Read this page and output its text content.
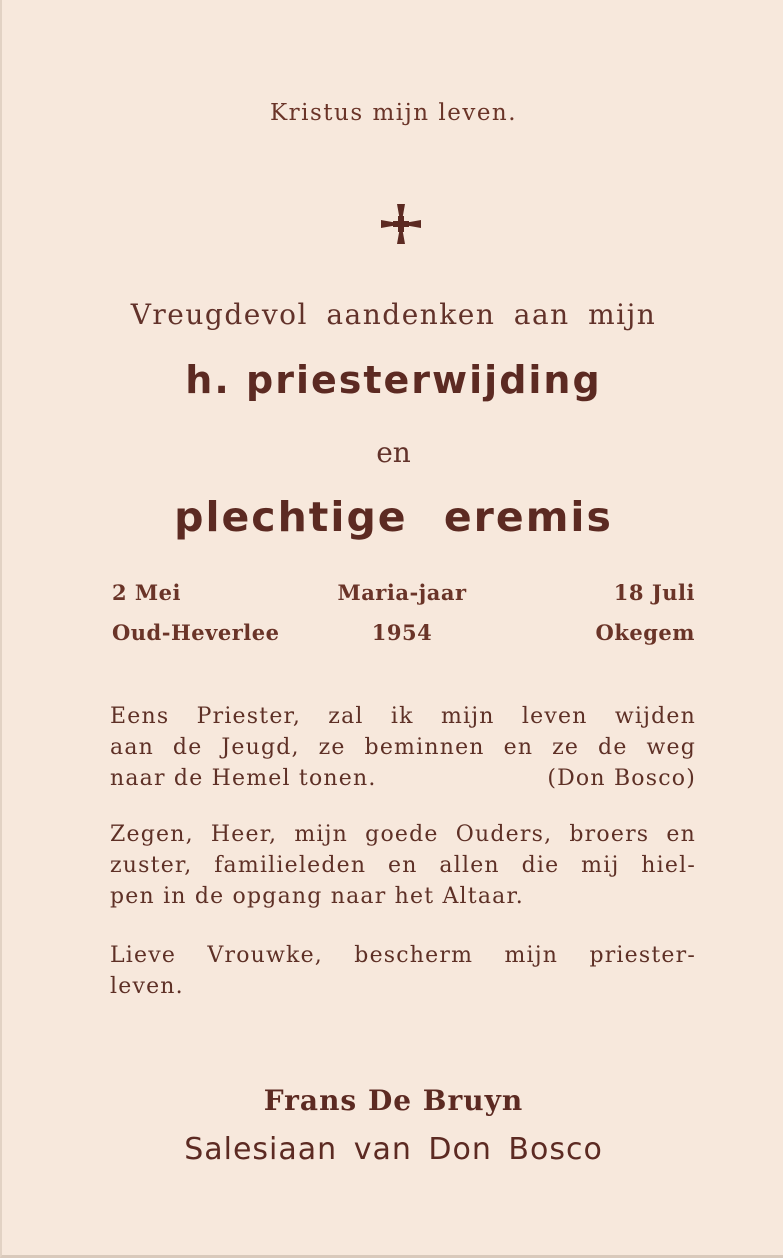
Kristus mijn leven.
Vreugdevol aandenken aan mijn
h. priesterwijding
en
plechtige eremis
2 Mei
Oud-Heverlee
Maria-jaar
1954
18 Juli
Okegem
Eens Priester, zal ik mijn leven wijden
aan de Jeugd, ze beminnen en ze de weg
naar de Hemel tonen.	(Don Bosco)
Zegen, Heer, mijn goede Ouders, broers en
zuster, familieleden en allen die mij hiel-
pen in de opgang naar het Altaar.
Lieve Vrouwke, bescherm mijn priester-
leven.
Frans De Bruyn
Salesiaan van Don Bosco
